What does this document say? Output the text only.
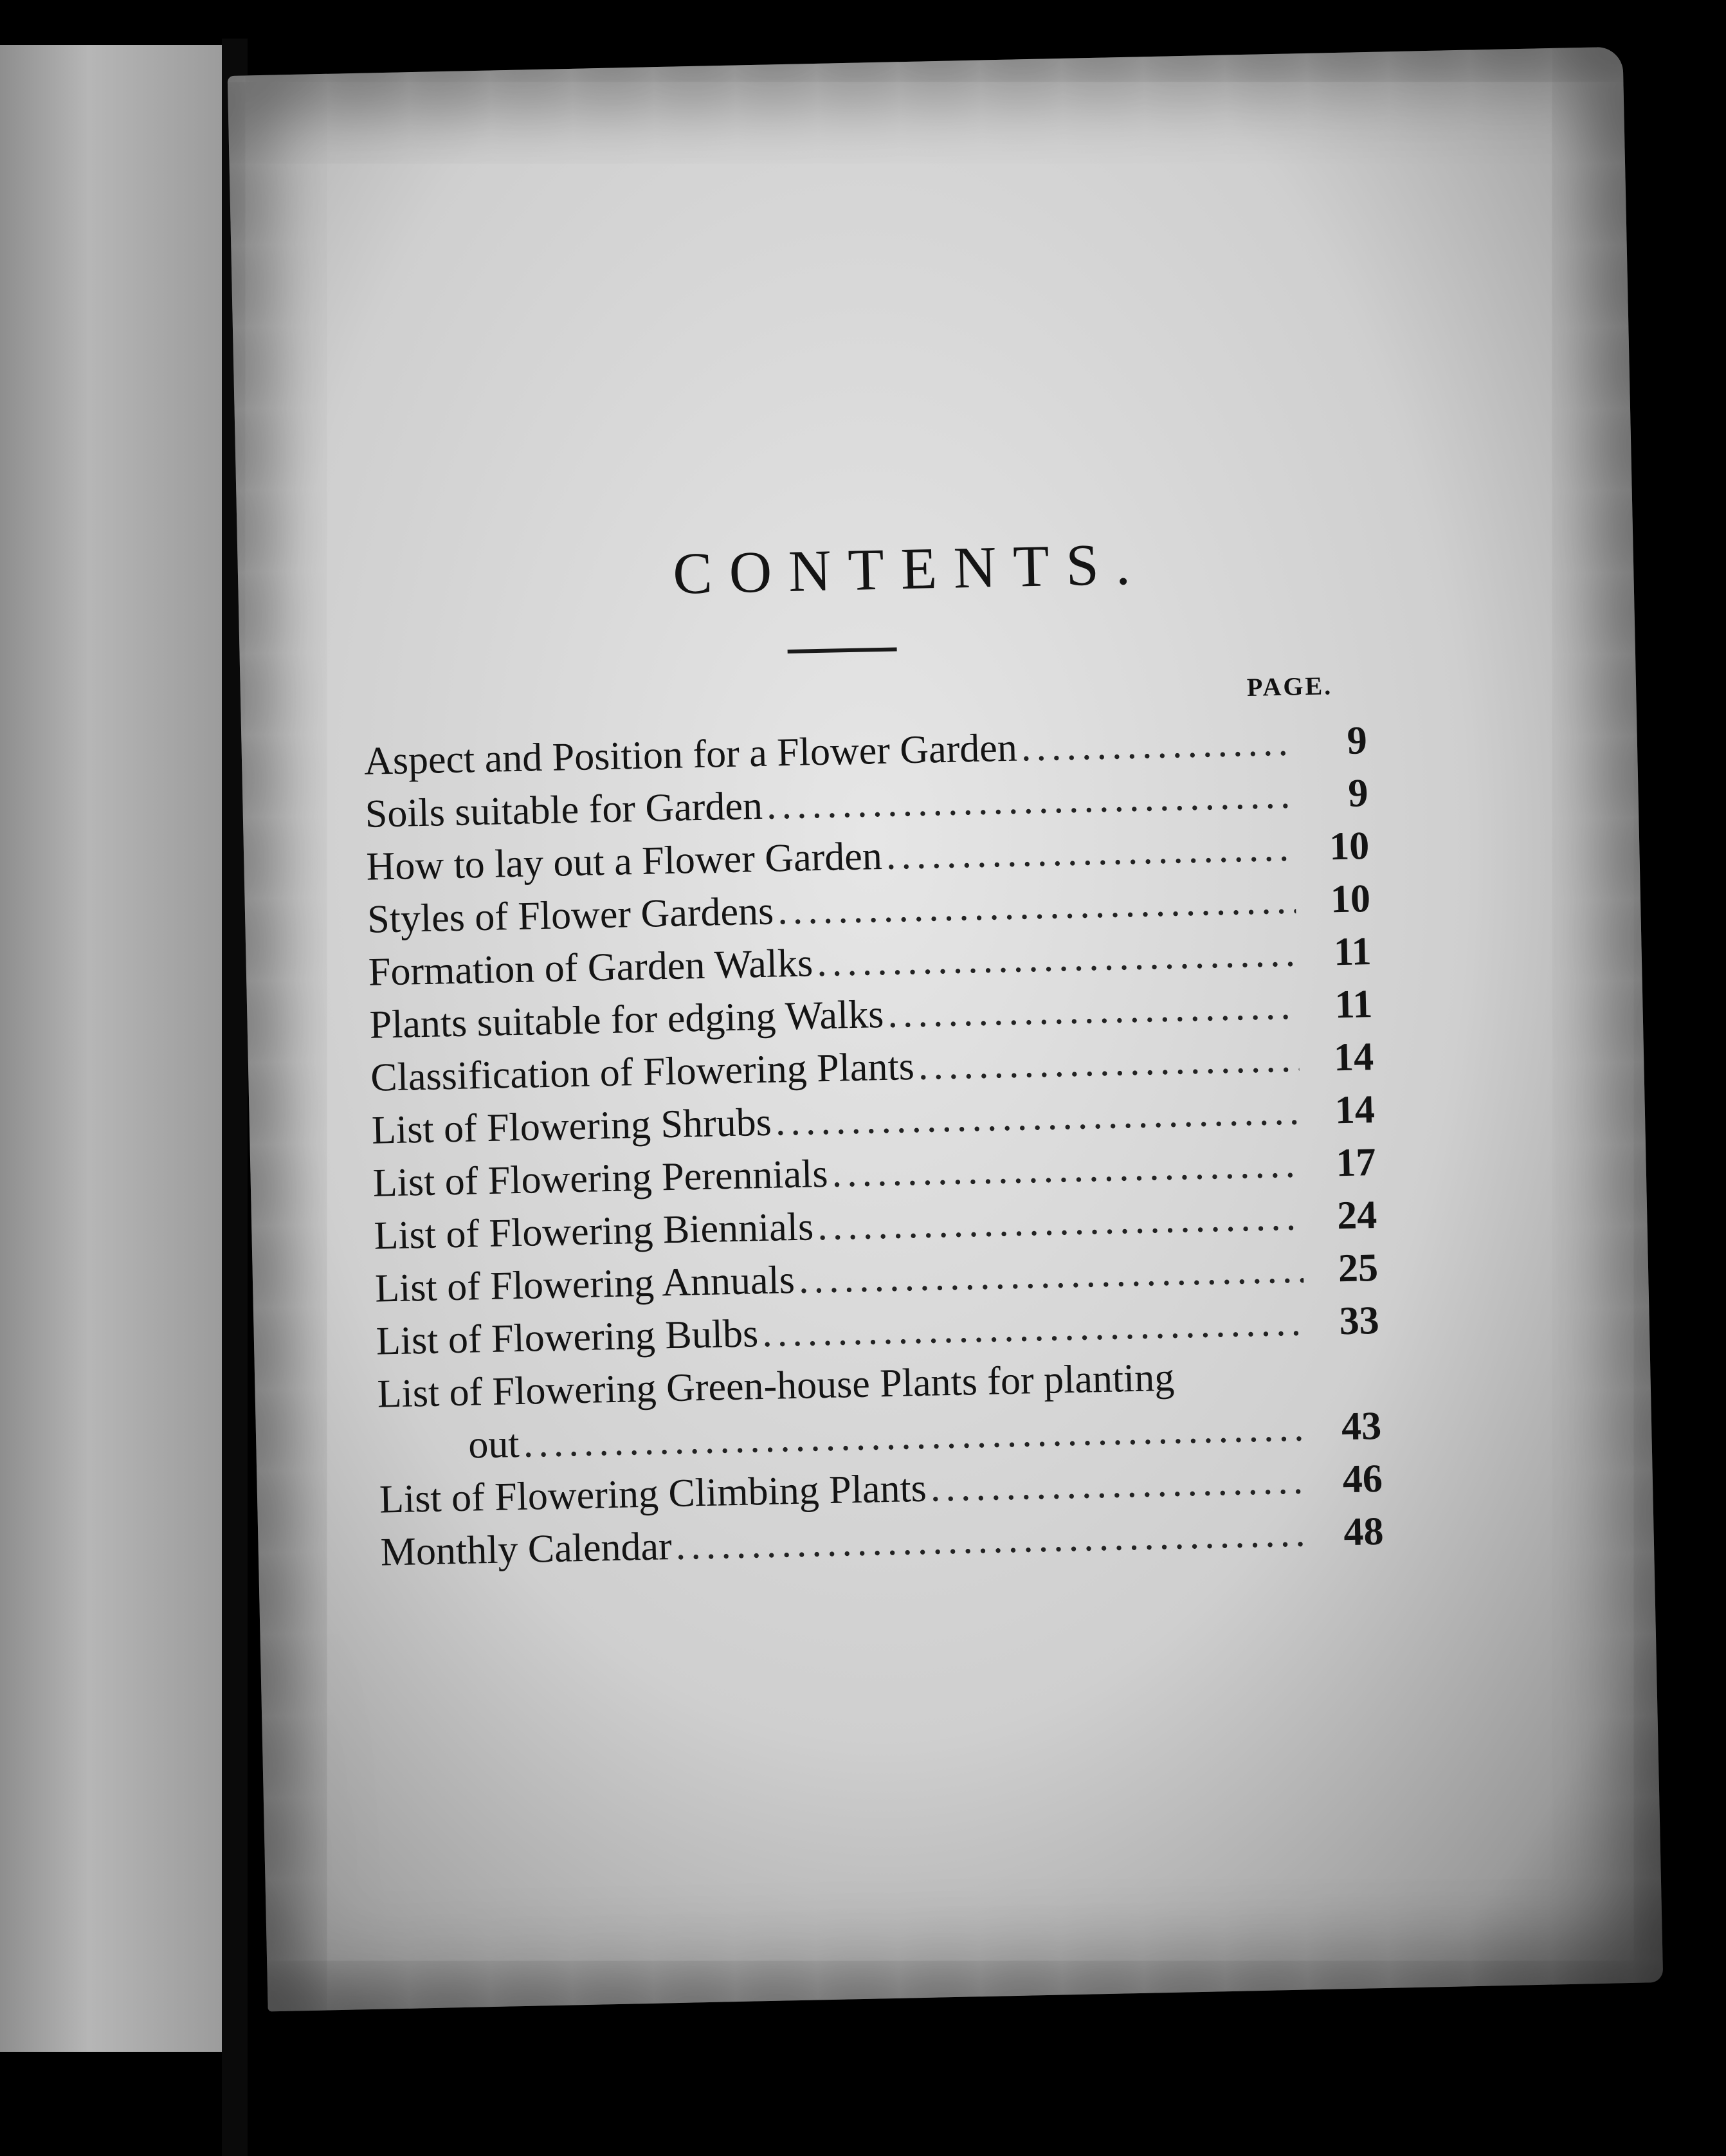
CONTENTS.
PAGE.
Aspect and Position for a Flower Garden .....	9
Soils suitable for Garden .....	9
How to lay out a Flower Garden .....	10
Styles of Flower Gardens .....	10
Formation of Garden Walks .....	11
Plants suitable for edging Walks .....	11
Classification of Flowering Plants .....	14
List of Flowering Shrubs .....	14
List of Flowering Perennials .....	17
List of Flowering Biennials .....	24
List of Flowering Annuals .....	25
List of Flowering Bulbs .....	33
List of Flowering Green-house Plants for planting
out .....	43
List of Flowering Climbing Plants .....	46
Monthly Calendar .....	48
